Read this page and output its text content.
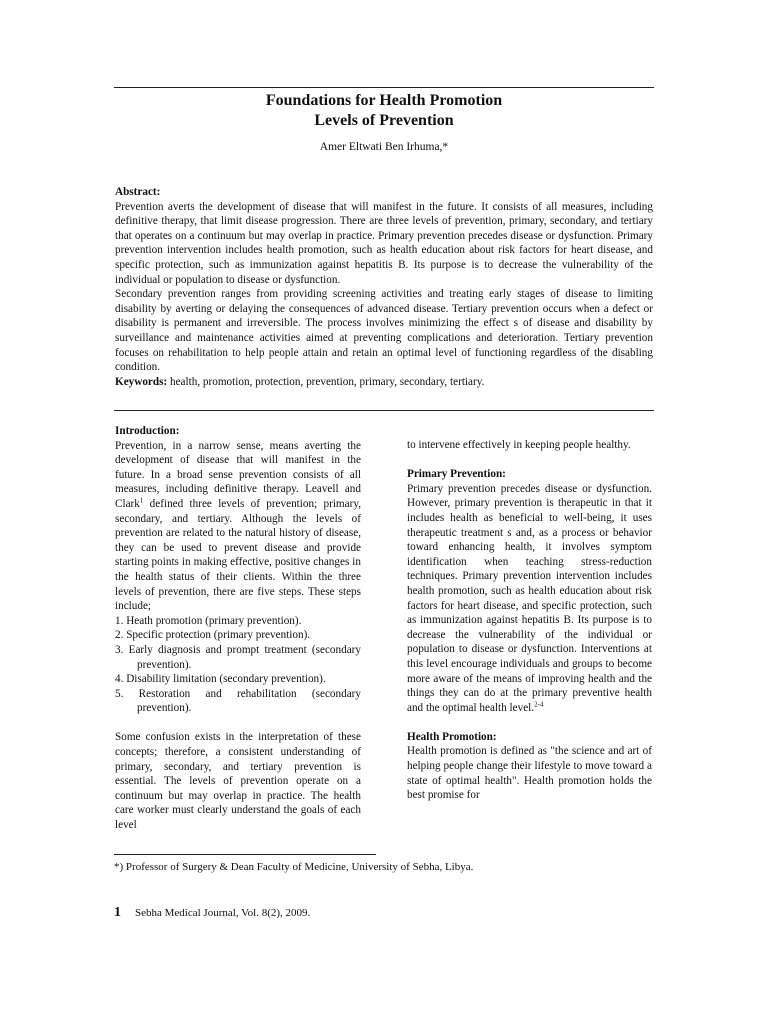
Foundations for Health Promotion
Levels of Prevention
Amer Eltwati Ben Irhuma,*

Abstract:

Prevention averts the development of disease that will manifest in the future. It consists of all measures, including definitive therapy, that limit disease progression. There are three levels of prevention, primary, secondary, and tertiary that operates on a continuum but may overlap in practice. Primary prevention precedes disease or dysfunction. Primary prevention intervention includes health promotion, such as health education about risk factors for heart disease, and specific protection, such as immunization against hepatitis B. Its purpose is to decrease the vulnerability of the individual or population to disease or dysfunction.

Secondary prevention ranges from providing screening activities and treating early stages of disease to limiting disability by averting or delaying the consequences of advanced disease. Tertiary prevention occurs when a defect or disability is permanent and irreversible. The process involves minimizing the effect s of disease and disability by surveillance and maintenance activities aimed at preventing complications and deterioration. Tertiary prevention focuses on rehabilitation to help people attain and retain an optimal level of functioning regardless of the disabling condition.

Keywords: health, promotion, protection, prevention, primary, secondary, tertiary.

Introduction:

Prevention, in a narrow sense, means averting the development of disease that will manifest in the future. In a broad sense prevention consists of all measures, including definitive therapy. Leavell and Clark$^1$ defined three levels of prevention; primary, secondary, and tertiary. Although the levels of prevention are related to the natural history of disease, they can be used to prevent disease and provide starting points in making effective, positive changes in the health status of their clients. Within the three levels of prevention, there are five steps. These steps include;

1. Heath promotion (primary prevention).
2. Specific protection (primary prevention).
3. Early diagnosis and prompt treatment (secondary prevention).
4. Disability limitation (secondary prevention).
5. Restoration and rehabilitation (secondary prevention).

Some confusion exists in the interpretation of these concepts; therefore, a consistent understanding of primary, secondary, and tertiary prevention is essential. The levels of prevention operate on a continuum but may overlap in practice. The health care worker must clearly understand the goals of each level

to intervene effectively in keeping people healthy.

Primary Prevention:

Primary prevention precedes disease or dysfunction. However, primary prevention is therapeutic in that it includes health as beneficial to well-being, it uses therapeutic treatment s and, as a process or behavior toward enhancing health, it involves symptom identification when teaching stress-reduction techniques. Primary prevention intervention includes health promotion, such as health education about risk factors for heart disease, and specific protection, such as immunization against hepatitis B. Its purpose is to decrease the vulnerability of the individual or population to disease or dysfunction. Interventions at this level encourage individuals and groups to become more aware of the means of improving health and the things they can do at the primary preventive health and the optimal health level.$^{2-4}$

Health Promotion:

Health promotion is defined as "the science and art of helping people change their lifestyle to move toward a state of optimal health". Health promotion holds the best promise for

*) Professor of Surgery & Dean Faculty of Medicine, University of Sebha, Libya.
1 Sebha Medical Journal, Vol. 8(2), 2009.
